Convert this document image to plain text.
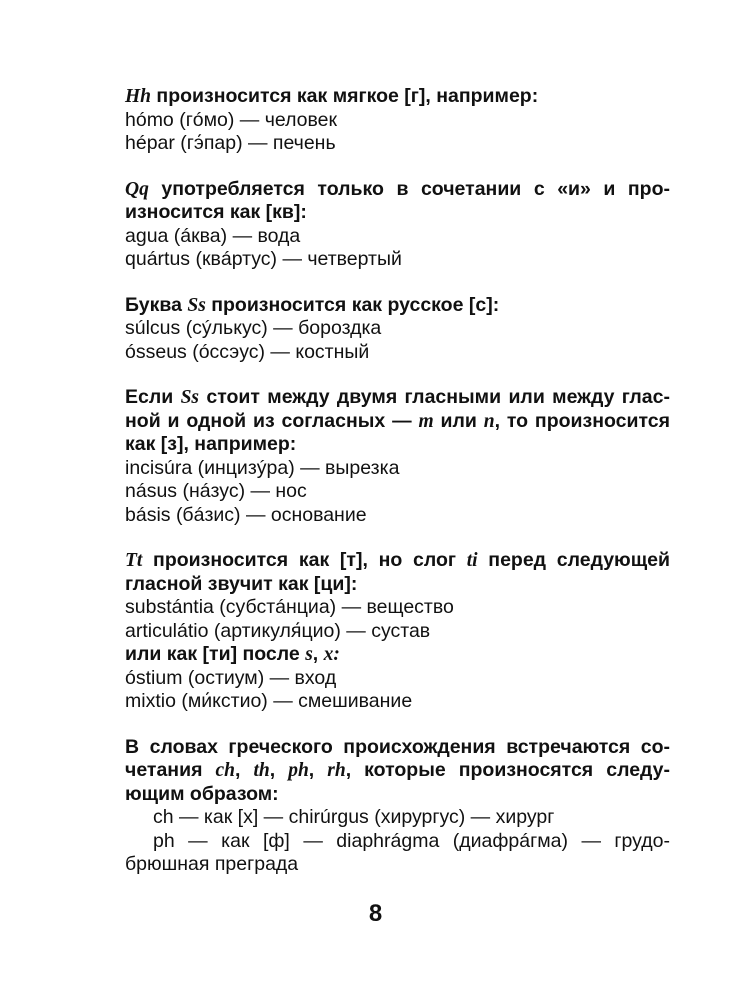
Hh произносится как мягкое [г], например:
hómo (гóмо) — человек
hépar (гэ́пар) — печень
Qq употребляется только в сочетании с «и» и про-
износится как [кв]:
agua (áква) — вода
quártus (квáртус) — четвертый
Буква Ss произносится как русское [с]:
súlcus (сýлькус) — бороздка
ósseus (óссэус) — костный
Если Ss стоит между двумя гласными или между глас-
ной и одной из согласных — m или n, то произносится
как [з], например:
incisúra (инцизýра) — вырезка
násus (нáзус) — нос
básis (бáзис) — основание
Tt произносится как [т], но слог ti перед следующей
гласной звучит как [ци]:
substántia (субстáнциа) — вещество
articulátio (артикуля́цио) — сустав
или как [ти] после s, x:
óstium (остиум) — вход
mixtio (ми́кстио) — смешивание
В словах греческого происхождения встречаются со-
четания ch, th, ph, rh, которые произносятся следу-
ющим образом:
ch — как [х] — chirúrgus (хирургус) — хирург
ph — как [ф] — diaphrágma (диафрáгма) — грудо-
брюшная преграда
8
